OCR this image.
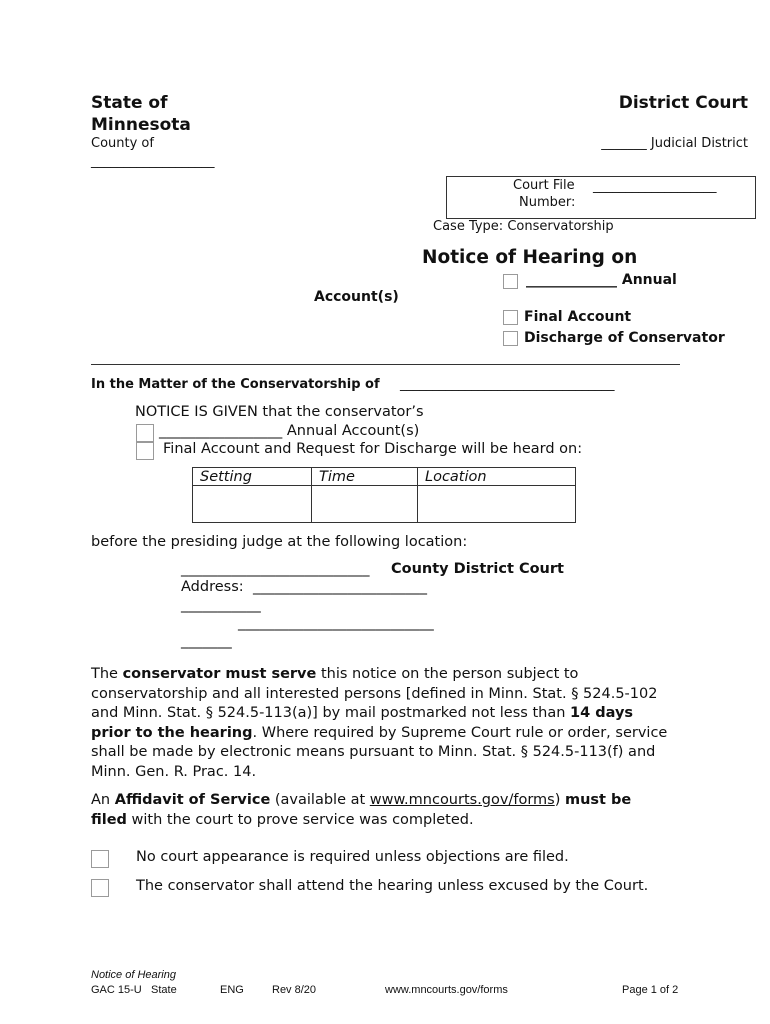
State of
Minnesota
County of
___________________
District Court
_______ Judicial District
Court File
Number:
___________________
Case Type: Conservatorship
Notice of Hearing on
_____________ Annual
Account(s)
Final Account
Discharge of Conservator
In the Matter of the Conservatorship of _________________________________
NOTICE IS GIVEN that the conservator’s
_________________ Annual Account(s)
Final Account and Request for Discharge will be heard on:
Setting	Time	Location

before the presiding judge at the following location:
__________________________ County District Court
Address: ________________________
___________
___________________________
_______
The conservator must serve this notice on the person subject to conservatorship and all interested persons [defined in Minn. Stat. § 524.5-102 and Minn. Stat. § 524.5-113(a)] by mail postmarked not less than 14 days prior to the hearing. Where required by Supreme Court rule or order, service shall be made by electronic means pursuant to Minn. Stat. § 524.5-113(f) and Minn. Gen. R. Prac. 14.
An Affidavit of Service (available at www.mncourts.gov/forms) must be filed with the court to prove service was completed.
No court appearance is required unless objections are filed.
The conservator shall attend the hearing unless excused by the Court.
Notice of Hearing
GAC 15-U State	ENG	Rev 8/20	www.mncourts.gov/forms	Page 1 of 2
